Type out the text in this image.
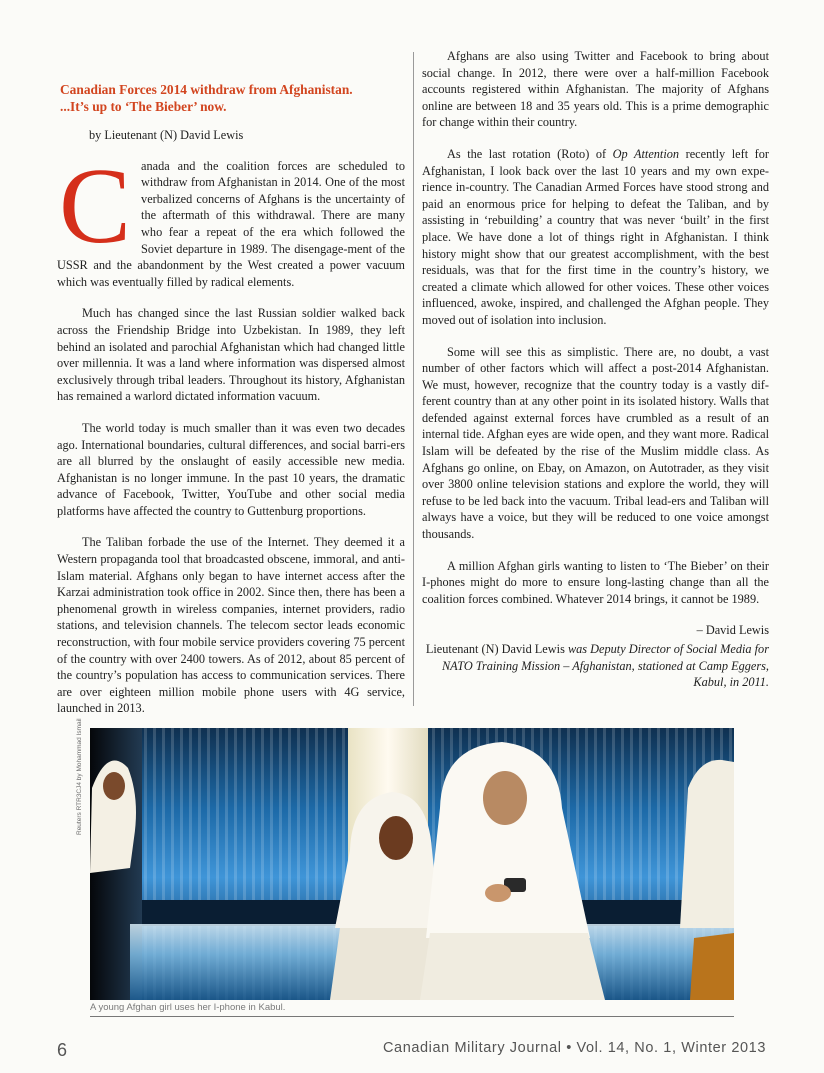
Canadian Forces 2014 withdraw from Afghanistan.
...It’s up to ‘The Bieber’ now.
by Lieutenant (N) David Lewis

Canada and the coalition forces are scheduled to withdraw from Afghanistan in 2014. One of the most verbalized concerns of Afghans is the uncertainty of the aftermath of this withdrawal. There are many who fear a repeat of the era which followed the Soviet departure in 1989. The disengage-ment of the USSR and the abandonment by the West created a power vacuum which was eventually filled by radical elements.

Much has changed since the last Russian soldier walked back across the Friendship Bridge into Uzbekistan. In 1989, they left behind an isolated and parochial Afghanistan which had changed little over millennia. It was a land where information was dispersed almost exclusively through tribal leaders. Throughout its history, Afghanistan has remained a warlord dictated information vacuum.

The world today is much smaller than it was even two decades ago. International boundaries, cultural differences, and social barri-ers are all blurred by the onslaught of easily accessible new media. Afghanistan is no longer immune. In the past 10 years, the dramatic advance of Facebook, Twitter, YouTube and other social media platforms have affected the country to Guttenburg proportions.

The Taliban forbade the use of the Internet. They deemed it a Western propaganda tool that broadcasted obscene, immoral, and anti-Islam material. Afghans only began to have internet access after the Karzai administration took office in 2002. Since then, there has been a phenomenal growth in wireless companies, internet providers, radio stations, and television channels. The telecom sector leads economic reconstruction, with four mobile service providers covering 75 percent of the country with over 2400 towers. As of 2012, about 85 percent of the country’s population has access to communication services. There are over eighteen million mobile phone users with 4G service, launched in 2013.

Afghans are also using Twitter and Facebook to bring about social change. In 2012, there were over a half-million Facebook accounts registered within Afghanistan. The majority of Afghans online are between 18 and 35 years old. This is a prime demographic for change within their country.

As the last rotation (Roto) of Op Attention recently left for Afghanistan, I look back over the last 10 years and my own expe-rience in-country. The Canadian Armed Forces have stood strong and paid an enormous price for helping to defeat the Taliban, and by assisting in ‘rebuilding’ a country that was never ‘built’ in the first place. We have done a lot of things right in Afghanistan. I think history might show that our greatest accomplishment, with the best residuals, was that for the first time in the country’s history, we created a climate which allowed for other voices. These other voices influenced, awoke, inspired, and challenged the Afghan people. They moved out of isolation into inclusion.

Some will see this as simplistic. There are, no doubt, a vast number of other factors which will affect a post-2014 Afghanistan. We must, however, recognize that the country today is a vastly dif-ferent country than at any other point in its isolated history. Walls that defended against external forces have crumbled as a result of an internal tide. Afghan eyes are wide open, and they want more. Radical Islam will be defeated by the rise of the Muslim middle class. As Afghans go online, on Ebay, on Amazon, on Autotrader, as they visit over 3800 online television stations and explore the world, they will refuse to be led back into the vacuum. Tribal lead-ers and Taliban will always have a voice, but they will be reduced to one voice amongst thousands.

A million Afghan girls wanting to listen to ‘The Bieber’ on their I-phones might do more to ensure long-lasting change than all the coalition forces combined. Whatever 2014 brings, it cannot be 1989.

– David Lewis
Lieutenant (N) David Lewis was Deputy Director of Social Media for NATO Training Mission – Afghanistan, stationed at Camp Eggers, Kabul, in 2011.
Reuters RTR3CJ4 by Mohammad Ismail
A young Afghan girl uses her I-phone in Kabul.
6	Canadian Military Journal • Vol. 14, No. 1, Winter 2013
